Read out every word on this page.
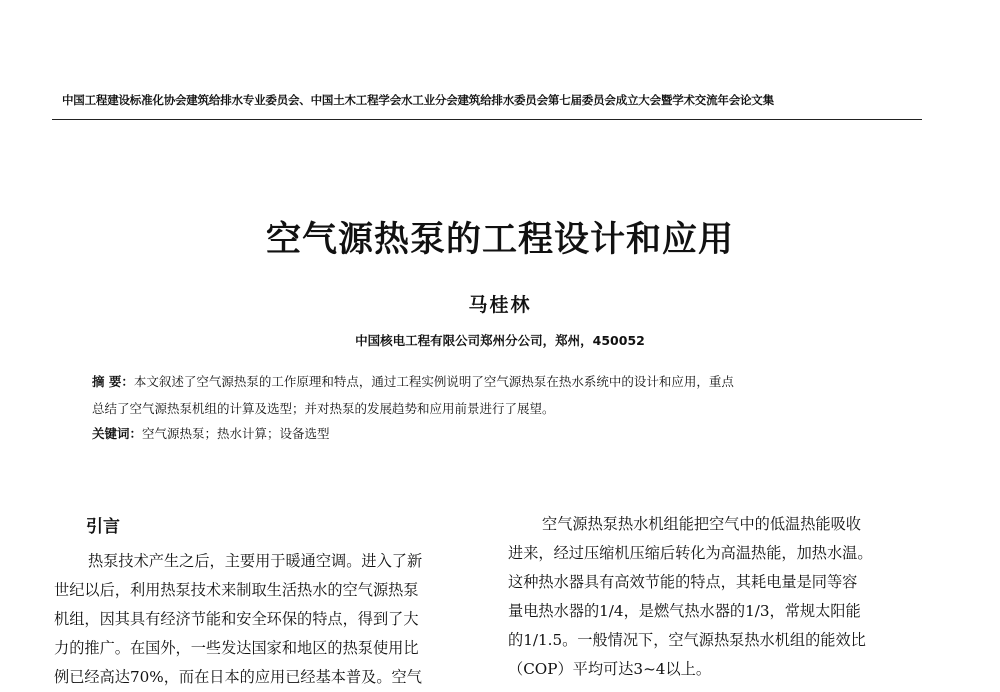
中国工程建设标准化协会建筑给排水专业委员会、中国土木工程学会水工业分会建筑给排水委员会第七届委员会成立大会暨学术交流年会论文集
空气源热泵的工程设计和应用
马桂林
中国核电工程有限公司郑州分公司，郑州，450052
摘 要：本文叙述了空气源热泵的工作原理和特点，通过工程实例说明了空气源热泵在热水系统中的设计和应用，重点
总结了空气源热泵机组的计算及选型；并对热泵的发展趋势和应用前景进行了展望。
关键词：空气源热泵；热水计算；设备选型
引言
热泵技术产生之后，主要用于暖通空调。进入了新
世纪以后，利用热泵技术来制取生活热水的空气源热泵
机组，因其具有经济节能和安全环保的特点，得到了大
力的推广。在国外，一些发达国家和地区的热泵使用比
例已经高达70%，而在日本的应用已经基本普及。空气
空气源热泵热水机组能把空气中的低温热能吸收
进来，经过压缩机压缩后转化为高温热能，加热水温。
这种热水器具有高效节能的特点，其耗电量是同等容
量电热水器的1/4，是燃气热水器的1/3，常规太阳能
的1/1.5。一般情况下，空气源热泵热水机组的能效比
（COP）平均可达3~4以上。
